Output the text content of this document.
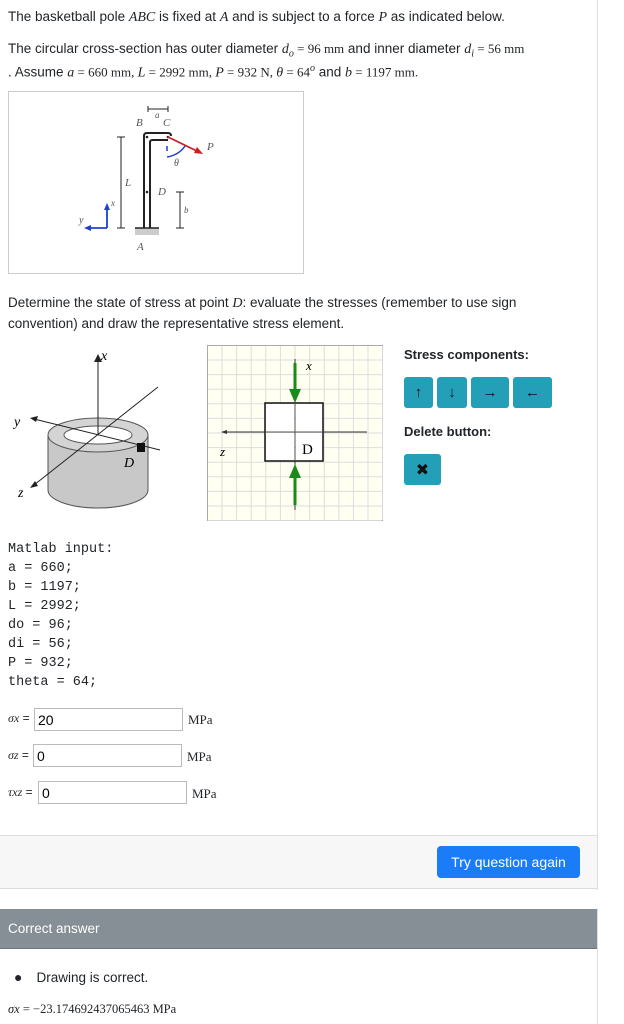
The basketball pole ABC is fixed at A and is subject to a force P as indicated below.
The circular cross-section has outer diameter $d_o = 96$ mm and inner diameter $d_i = 56$ mm
. Assume a = 660 mm, L = 2992 mm, P = 932 N, $\theta = 64^o$ and b = 1197 mm.
B
a
C
P
θ
L
D
b
x
y
A
Determine the state of stress at point D: evaluate the stresses (remember to use sign
convention) and draw the representative stress element.
x
y
z
D
x
z	D
Stress components:
↑ ↓ → ←
Delete button:
✖
Matlab input:
a = 660;
b = 1197;
L = 2992;
do = 96;
di = 56;
P = 932;
theta = 64;
σx =
20	MPa
σz =
0	MPa
τxz =
0	MPa
Try question again
Correct answer
● Drawing is correct.
σx = −23.174692437065463 MPa
